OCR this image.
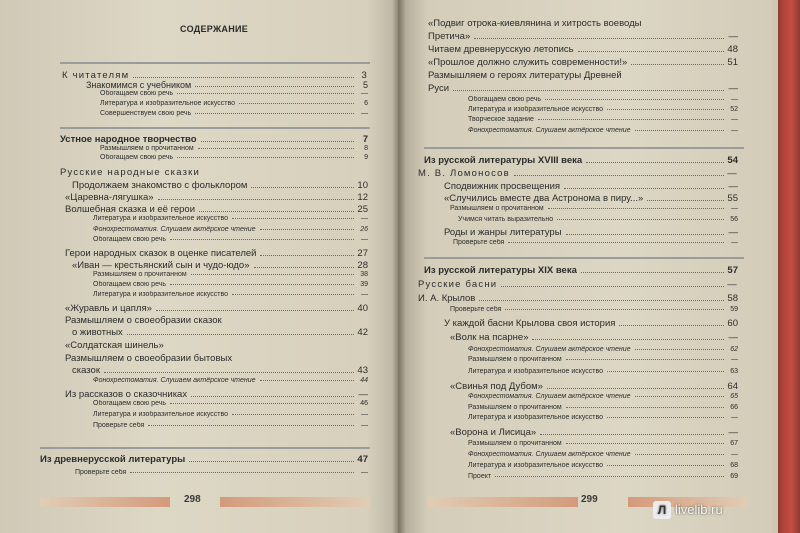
СОДЕРЖАНИЕ
К читателям	3
Знакомимся с учебником	5
Обогащаем свою речь	—
Литература и изобразительное искусство	6
Совершенствуем свою речь	—
Устное народное творчество	7
Размышляем о прочитанном	8
Обогащаем свою речь	9
Русские народные сказки
Продолжаем знакомство с фольклором	10
«Царевна-лягушка»	12
Волшебная сказка и её герои	25
Литература и изобразительное искусство	—
Фонохрестоматия. Слушаем актёрское чтение	26
Обогащаем свою речь	—
Герои народных сказок в оценке писателей	27
«Иван — крестьянский сын и чудо-юдо»	28
Размышляем о прочитанном	38
Обогащаем свою речь	39
Литература и изобразительное искусство	—
«Журавль и цапля»	40
Размышляем о своеобразии сказок
о животных	42
«Солдатская шинель»
Размышляем о своеобразии бытовых
сказок	43
Фонохрестоматия. Слушаем актёрское чтение	44
Из рассказов о сказочниках	—
Обогащаем свою речь	46
Литература и изобразительное искусство	—
Проверьте себя	—
Из древнерусской литературы	47
Проверьте себя	—
298
«Подвиг отрока-киевлянина и хитрость воеводы
Претича»	—
Читаем древнерусскую летопись	48
«Прошлое должно служить современности!»	51
Размышляем о героях литературы Древней
Руси	—
Обогащаем свою речь	—
Литература и изобразительное искусство	52
Творческое задание	—
Фонохрестоматия. Слушаем актёрское чтение	—
Из русской литературы XVIII века	54
М. В. Ломоносов	—
Сподвижник просвещения	—
«Случились вместе два Астронома в пиру...»	55
Размышляем о прочитанном	—
Учимся читать выразительно	56
Роды и жанры литературы	—
Проверьте себя	—
Из русской литературы XIX века	57
Русские басни	—
И. А. Крылов	58
Проверьте себя	59
У каждой басни Крылова своя история	60
«Волк на псарне»	—
Фонохрестоматия. Слушаем актёрское чтение	62
Размышляем о прочитанном	—
Литература и изобразительное искусство	63
«Свинья под Дубом»	64
Фонохрестоматия. Слушаем актёрское чтение	65
Размышляем о прочитанном	66
Литература и изобразительное искусство	—
«Ворона и Лисица»	—
Размышляем о прочитанном	67
Фонохрестоматия. Слушаем актёрское чтение	—
Литература и изобразительное искусство	68
Проект	69
299
Л livelib.ru
